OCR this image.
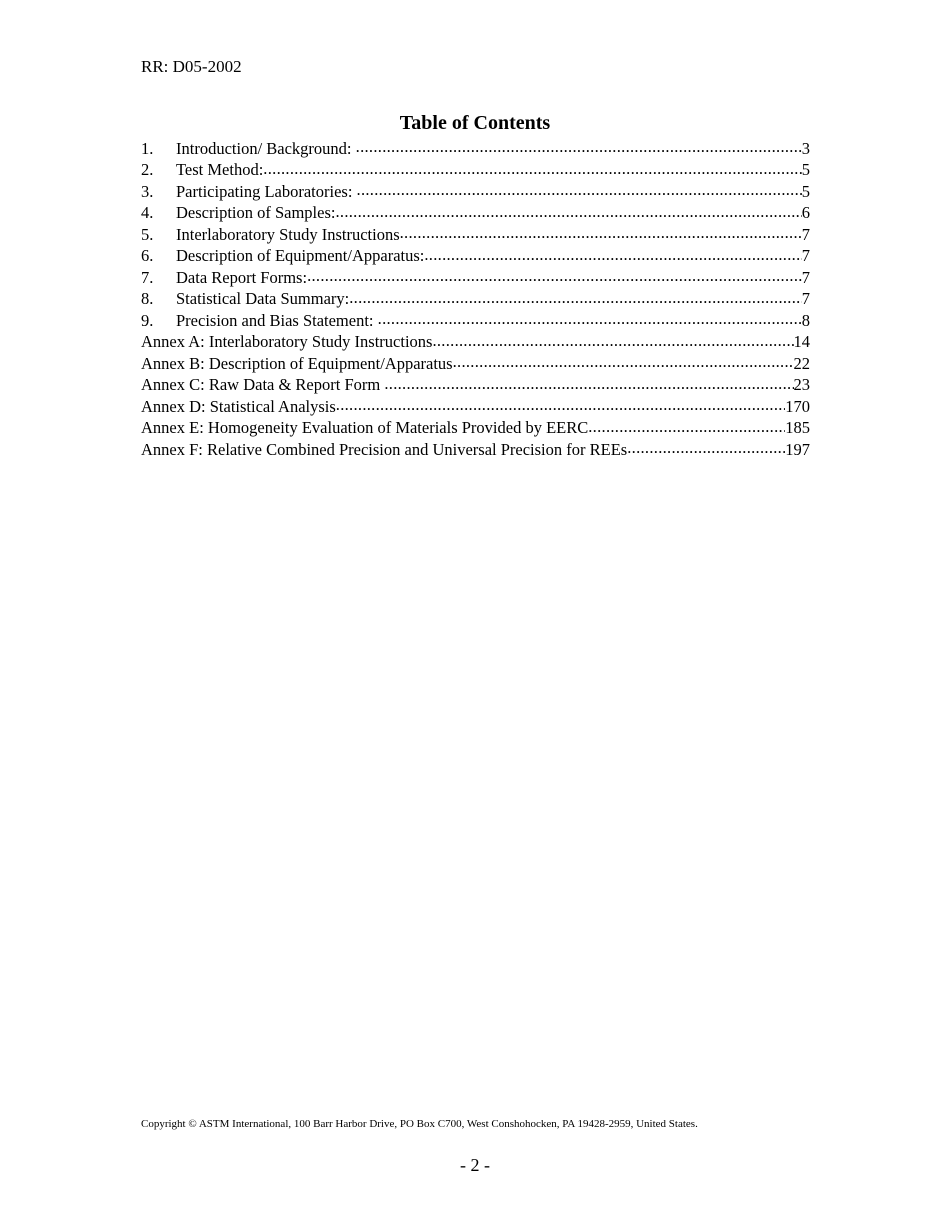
RR: D05-2002
Table of Contents
1.	Introduction/ Background: .....	3
2.	Test Method: .....	5
3.	Participating Laboratories: .....	5
4.	Description of Samples: .....	6
5.	Interlaboratory Study Instructions .....	7
6.	Description of Equipment/Apparatus: .....	7
7.	Data Report Forms: .....	7
8.	Statistical Data Summary: .....	7
9.	Precision and Bias Statement: .....	8
Annex A: Interlaboratory Study Instructions .....	14
Annex B: Description of Equipment/Apparatus .....	22
Annex C: Raw Data & Report Form .....	23
Annex D: Statistical Analysis .....	170
Annex E: Homogeneity Evaluation of Materials Provided by EERC .....	185
Annex F: Relative Combined Precision and Universal Precision for REEs .....	197
Copyright © ASTM International, 100 Barr Harbor Drive, PO Box C700, West Conshohocken, PA 19428-2959, United States.
- 2 -
